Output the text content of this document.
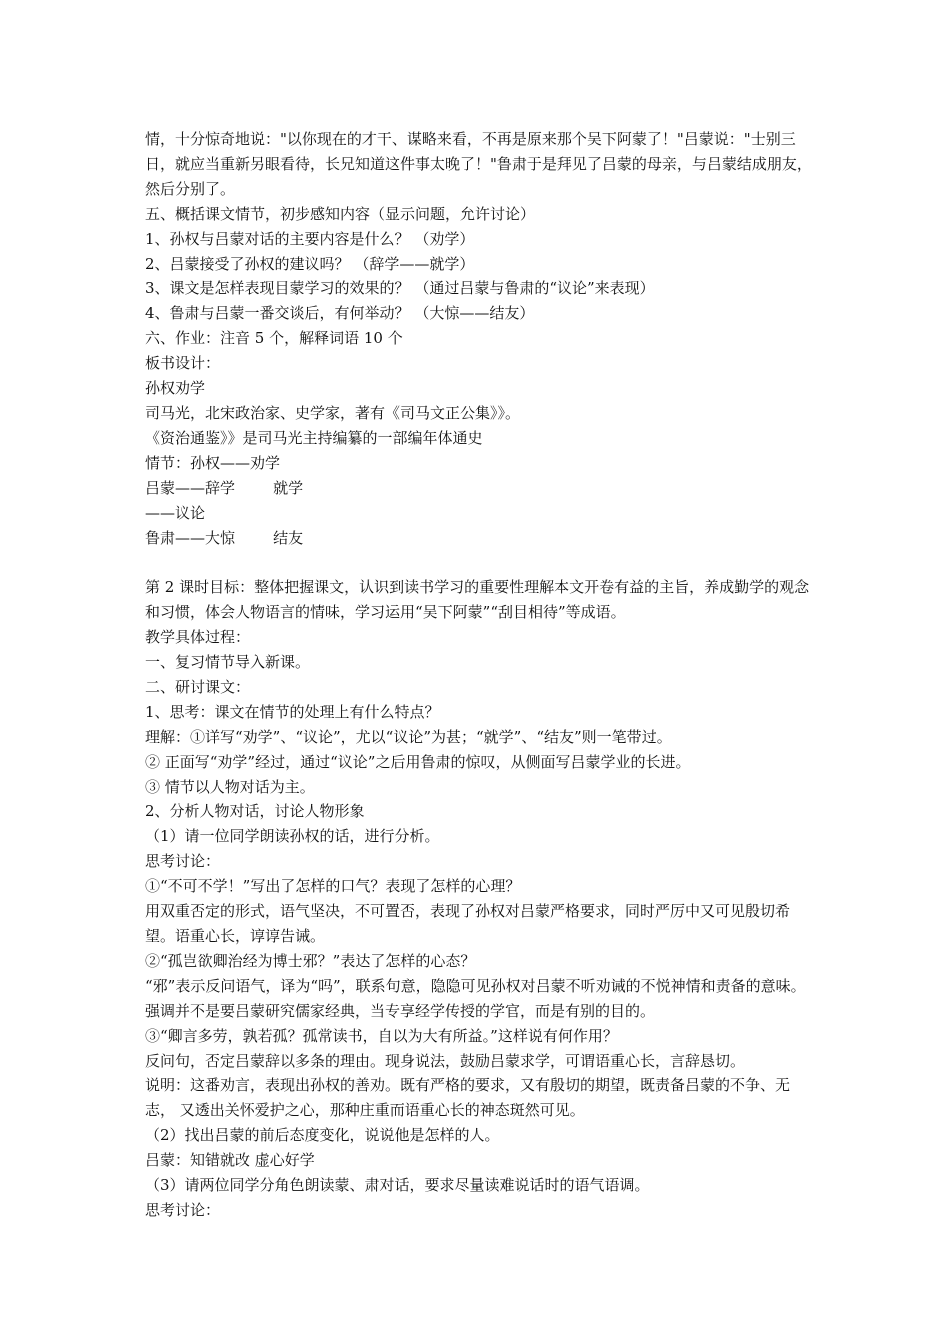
情，十分惊奇地说："以你现在的才干、谋略来看，不再是原来那个吴下阿蒙了！"吕蒙说："士别三日，就应当重新另眼看待，长兄知道这件事太晚了！"鲁肃于是拜见了吕蒙的母亲，与吕蒙结成朋友，然后分别了。

五、概括课文情节，初步感知内容（显示问题，允许讨论）

1、孙权与吕蒙对话的主要内容是什么？ （劝学）

2、吕蒙接受了孙权的建议吗？ （辞学——就学）

3、课文是怎样表现目蒙学习的效果的？ （通过吕蒙与鲁肃的“议论”来表现）

4、鲁肃与吕蒙一番交谈后，有何举动？ （大惊——结友）

六、作业：注音 5 个，解释词语 10 个

板书设计：

孙权劝学

司马光，北宋政治家、史学家，著有《司马文正公集》》。

《资治通鉴》》是司马光主持编纂的一部编年体通史

情节：孙权——劝学

吕蒙——辞学        就学

——议论

鲁肃——大惊        结友

第 2 课时目标：整体把握课文，认识到读书学习的重要性理解本文开卷有益的主旨，养成勤学的观念和习惯，体会人物语言的情味，学习运用“吴下阿蒙”“刮目相待”等成语。

教学具体过程：

一、复习情节导入新课。

二、研讨课文：

1、思考：课文在情节的处理上有什么特点？

理解：①详写“劝学”、“议论”，尤以“议论”为甚；“就学”、“结友”则一笔带过。

② 正面写“劝学”经过，通过“议论”之后用鲁肃的惊叹，从侧面写吕蒙学业的长进。

③ 情节以人物对话为主。

2、分析人物对话，讨论人物形象

（1）请一位同学朗读孙权的话，进行分析。

思考讨论：

①“不可不学！”写出了怎样的口气？表现了怎样的心理？

用双重否定的形式，语气坚决，不可置否，表现了孙权对吕蒙严格要求，同时严厉中又可见殷切希望。语重心长，谆谆告诫。

②“孤岂欲卿治经为博士邪？”表达了怎样的心态？

“邪”表示反问语气，译为“吗”，联系句意，隐隐可见孙权对吕蒙不听劝诫的不悦神情和责备的意味。强调并不是要吕蒙研究儒家经典，当专享经学传授的学官，而是有别的目的。

③“卿言多劳，孰若孤？孤常读书，自以为大有所益。”这样说有何作用？

反问句，否定吕蒙辞以多条的理由。现身说法，鼓励吕蒙求学，可谓语重心长，言辞恳切。

说明：这番劝言，表现出孙权的善劝。既有严格的要求，又有殷切的期望，既责备吕蒙的不争、无志， 又透出关怀爱护之心，那种庄重而语重心长的神态斑然可见。

（2）找出吕蒙的前后态度变化，说说他是怎样的人。

吕蒙：知错就改 虚心好学

（3）请两位同学分角色朗读蒙、肃对话，要求尽量读难说话时的语气语调。

思考讨论：
